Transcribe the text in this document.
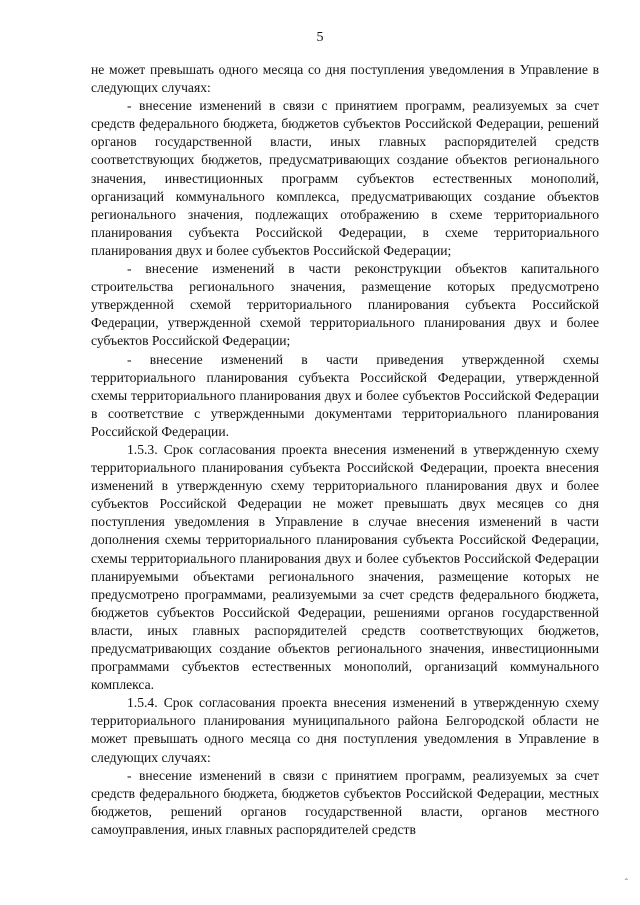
5

не может превышать одного месяца со дня поступления уведомления в Управление в следующих случаях:

- внесение изменений в связи с принятием программ, реализуемых за счет средств федерального бюджета, бюджетов субъектов Российской Федерации, решений органов государственной власти, иных главных распорядителей средств соответствующих бюджетов, предусматривающих создание объектов регионального значения, инвестиционных программ субъектов естественных монополий, организаций коммунального комплекса, предусматривающих создание объектов регионального значения, подлежащих отображению в схеме территориального планирования субъекта Российской Федерации, в схеме территориального планирования двух и более субъектов Российской Федерации;

- внесение изменений в части реконструкции объектов капитального строительства регионального значения, размещение которых предусмотрено утвержденной схемой территориального планирования субъекта Российской Федерации, утвержденной схемой территориального планирования двух и более субъектов Российской Федерации;

- внесение изменений в части приведения утвержденной схемы территориального планирования субъекта Российской Федерации, утвержденной схемы территориального планирования двух и более субъектов Российской Федерации в соответствие с утвержденными документами территориального планирования Российской Федерации.

1.5.3. Срок согласования проекта внесения изменений в утвержденную схему территориального планирования субъекта Российской Федерации, проекта внесения изменений в утвержденную схему территориального планирования двух и более субъектов Российской Федерации не может превышать двух месяцев со дня поступления уведомления в Управление в случае внесения изменений в части дополнения схемы территориального планирования субъекта Российской Федерации, схемы территориального планирования двух и более субъектов Российской Федерации планируемыми объектами регионального значения, размещение которых не предусмотрено программами, реализуемыми за счет средств федерального бюджета, бюджетов субъектов Российской Федерации, решениями органов государственной власти, иных главных распорядителей средств соответствующих бюджетов, предусматривающих создание объектов регионального значения, инвестиционными программами субъектов естественных монополий, организаций коммунального комплекса.

1.5.4. Срок согласования проекта внесения изменений в утвержденную схему территориального планирования муниципального района Белгородской области не может превышать одного месяца со дня поступления уведомления в Управление в следующих случаях:

- внесение изменений в связи с принятием программ, реализуемых за счет средств федерального бюджета, бюджетов субъектов Российской Федерации, местных бюджетов, решений органов государственной власти, органов местного самоуправления, иных главных распорядителей средств

ˆ
